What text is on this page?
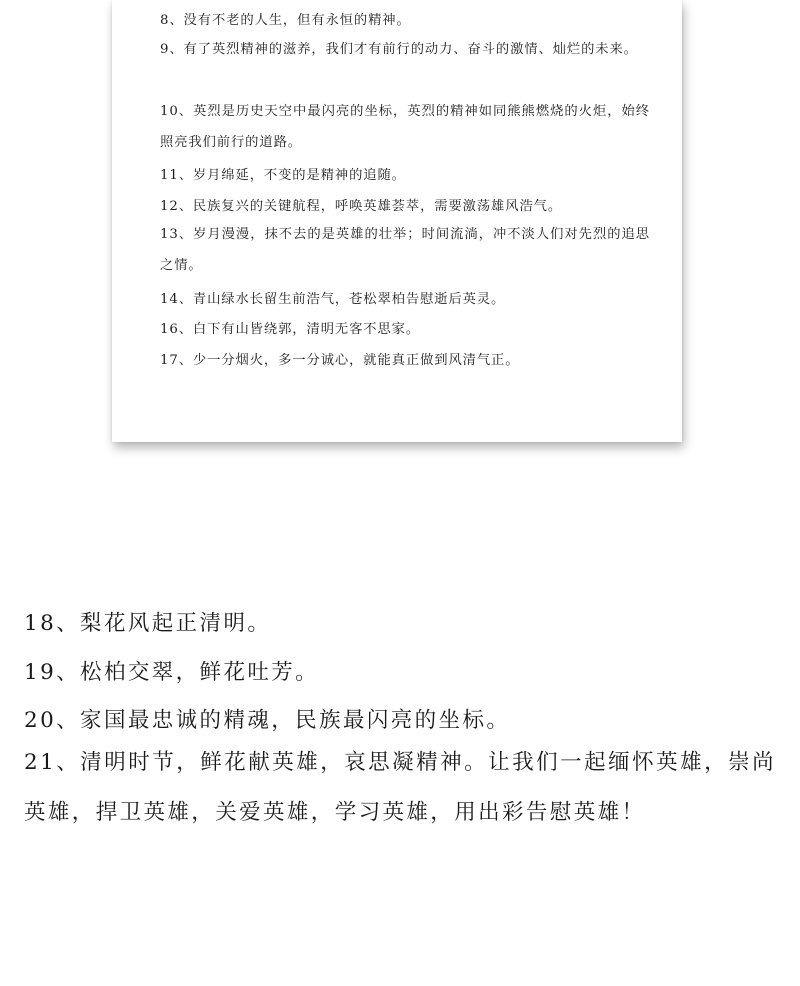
8、没有不老的人生，但有永恒的精神。

9、有了英烈精神的滋养，我们才有前行的动力、奋斗的激情、灿烂的未来。

10、英烈是历史天空中最闪亮的坐标，英烈的精神如同熊熊燃烧的火炬，始终照亮我们前行的道路。

11、岁月绵延，不变的是精神的追随。

12、民族复兴的关键航程，呼唤英雄荟萃，需要激荡雄风浩气。

13、岁月漫漫，抹不去的是英雄的壮举；时间流淌，冲不淡人们对先烈的追思之情。

14、青山绿水长留生前浩气，苍松翠柏告慰逝后英灵。

16、白下有山皆绕郭，清明无客不思家。

17、少一分烟火，多一分诚心，就能真正做到风清气正。

18、梨花风起正清明。

19、松柏交翠，鲜花吐芳。

20、家国最忠诚的精魂，民族最闪亮的坐标。

21、清明时节，鲜花献英雄，哀思凝精神。让我们一起缅怀英雄，崇尚英雄，捍卫英雄，关爱英雄，学习英雄，用出彩告慰英雄！
